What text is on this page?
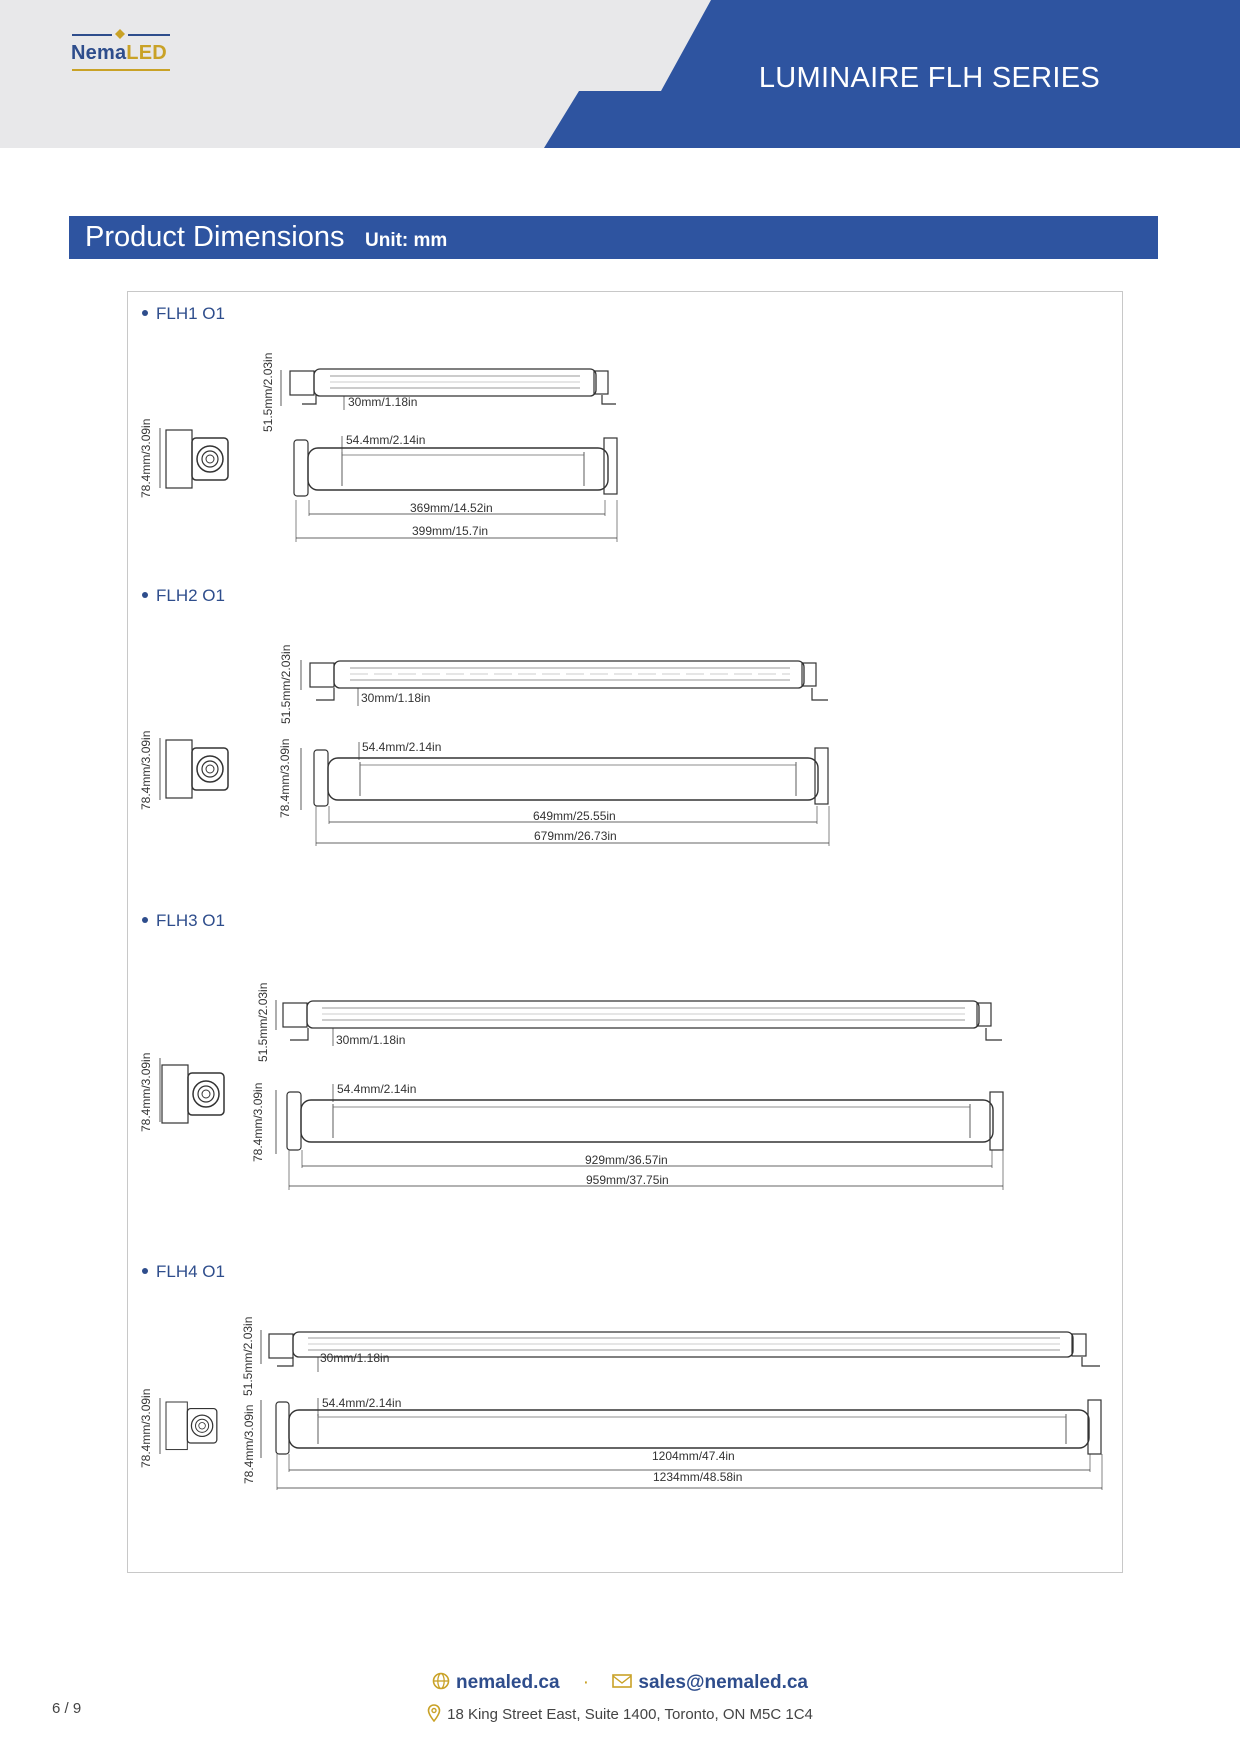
NemaLED
LUMINAIRE FLH SERIES
Product Dimensions Unit: mm
FLH1 O1
FLH2 O1
FLH3 O1
FLH4 O1
78.4mm/3.09in
51.5mm/2.03in	30mm/1.18in
54.4mm/2.14in
369mm/14.52in
399mm/15.7in
78.4mm/3.09in
51.5mm/2.03in	30mm/1.18in
78.4mm/3.09in	54.4mm/2.14in
649mm/25.55in
679mm/26.73in
78.4mm/3.09in
51.5mm/2.03in	30mm/1.18in
78.4mm/3.09in	54.4mm/2.14in
929mm/36.57in
959mm/37.75in
78.4mm/3.09in
51.5mm/2.03in	30mm/1.18in
78.4mm/3.09in
54.4mm/2.14in
1204mm/47.4in
1234mm/48.58in
nemaled.ca ·	sales@nemaled.ca
18 King Street East, Suite 1400, Toronto, ON M5C 1C4
6 / 9
